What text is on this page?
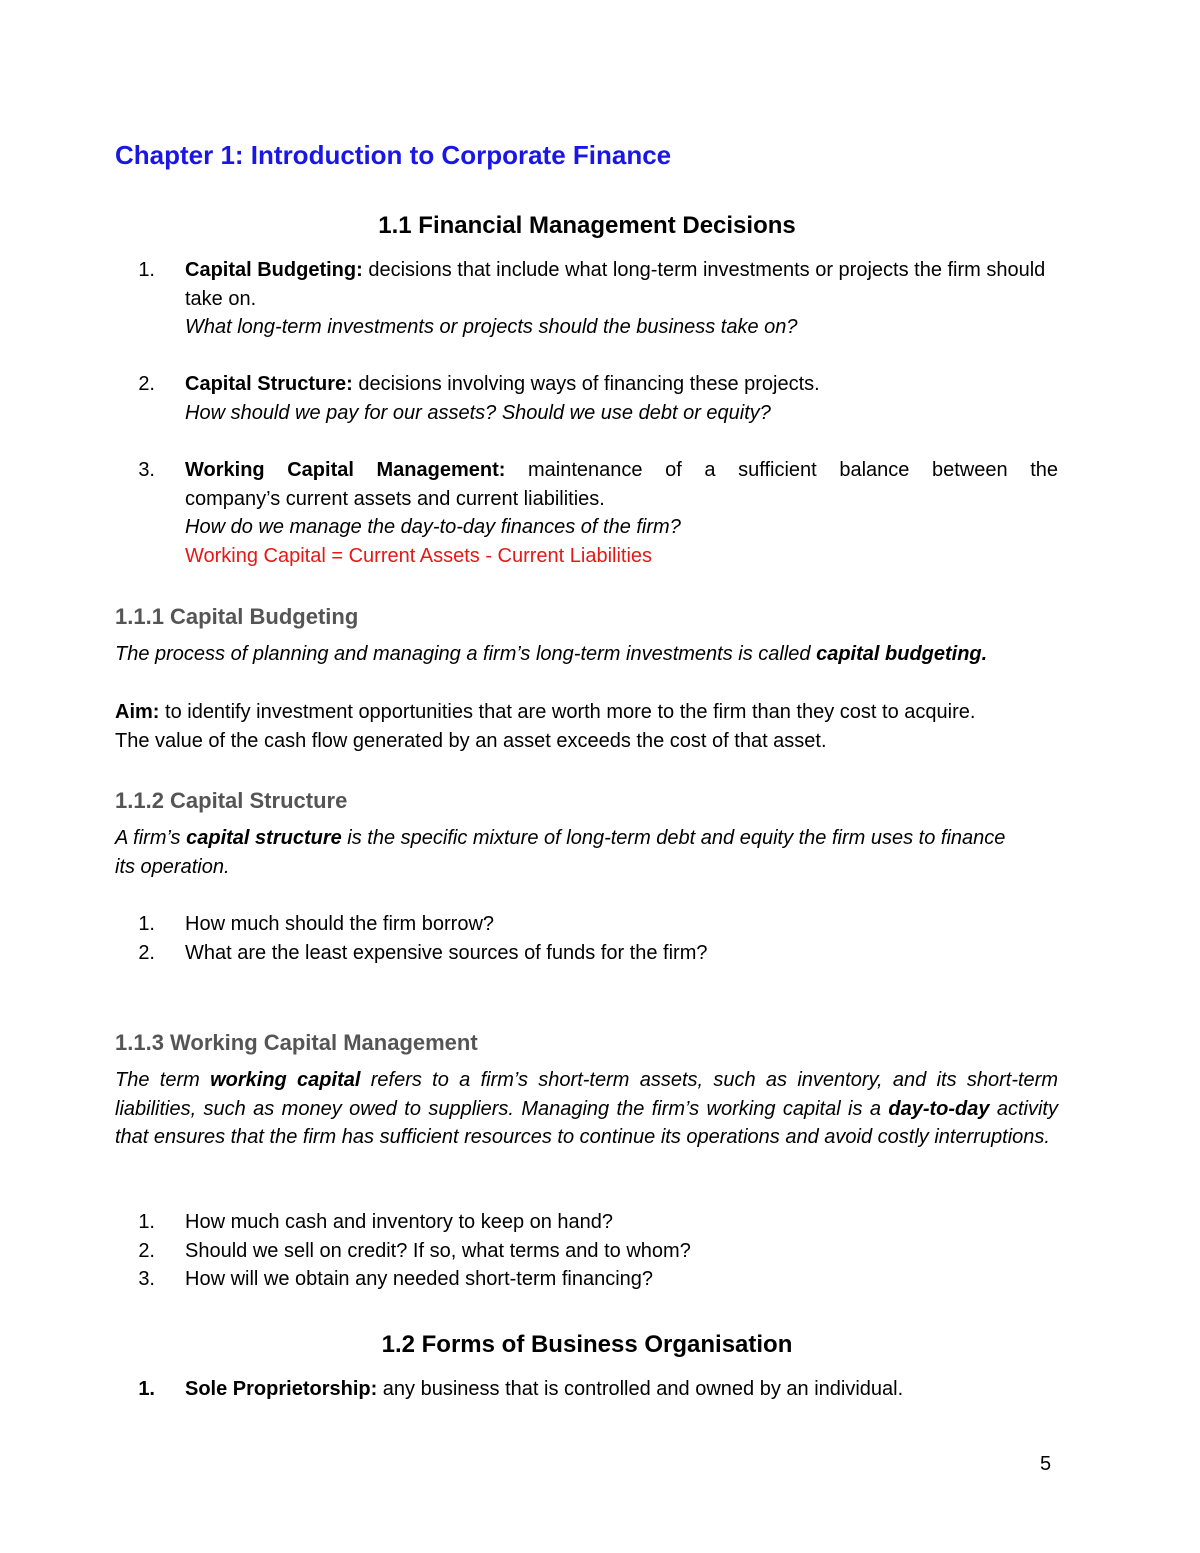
Chapter 1: Introduction to Corporate Finance
1.1 Financial Management Decisions
1. Capital Budgeting: decisions that include what long-term investments or projects the firm should take on.
What long-term investments or projects should the business take on?
2. Capital Structure: decisions involving ways of financing these projects.
How should we pay for our assets? Should we use debt or equity?
3. Working Capital Management: maintenance of a sufficient balance between the
company’s current assets and current liabilities.
How do we manage the day-to-day finances of the firm?
Working Capital = Current Assets - Current Liabilities
1.1.1 Capital Budgeting
The process of planning and managing a firm’s long-term investments is called capital budgeting.
Aim: to identify investment opportunities that are worth more to the firm than they cost to acquire.
The value of the cash flow generated by an asset exceeds the cost of that asset.
1.1.2 Capital Structure
A firm’s capital structure is the specific mixture of long-term debt and equity the firm uses to finance its operation.
1. How much should the firm borrow?
2. What are the least expensive sources of funds for the firm?
1.1.3 Working Capital Management
The term working capital refers to a firm’s short-term assets, such as inventory, and its short-term liabilities, such as money owed to suppliers. Managing the firm’s working capital is a day-to-day activity that ensures that the firm has sufficient resources to continue its operations and avoid costly interruptions.
1. How much cash and inventory to keep on hand?
2. Should we sell on credit? If so, what terms and to whom?
3. How will we obtain any needed short-term financing?
1.2 Forms of Business Organisation
1. Sole Proprietorship: any business that is controlled and owned by an individual.
5
